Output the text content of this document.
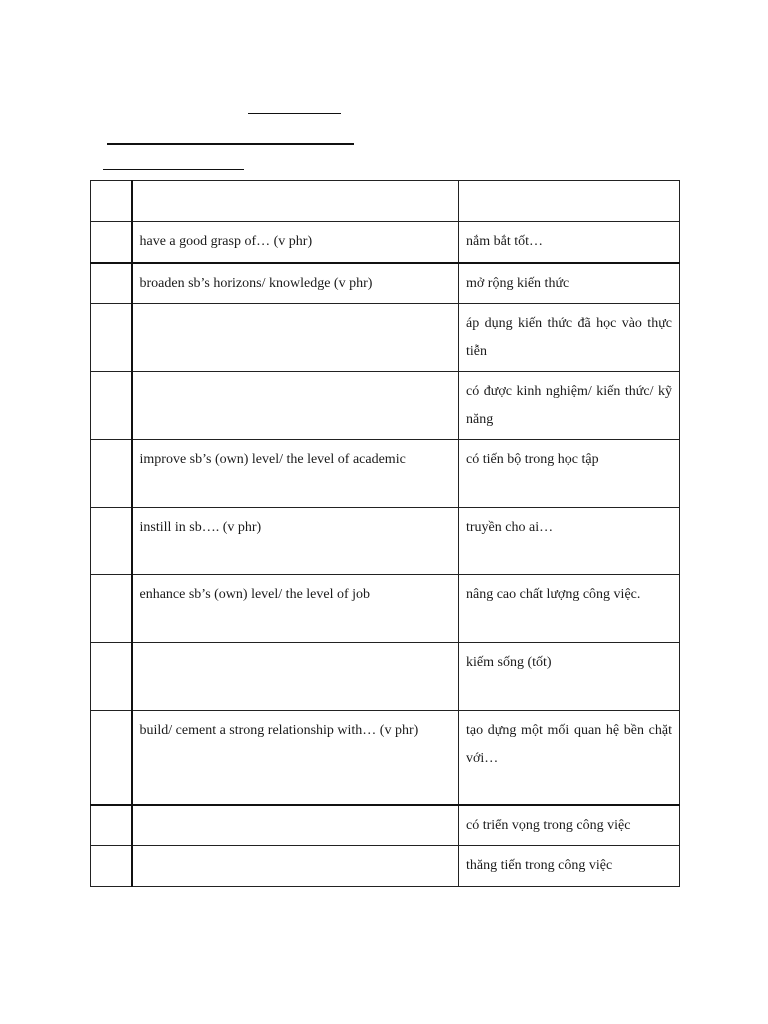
	have a good grasp of… (v phr)	nắm bắt tốt…
	broaden sb’s horizons/ knowledge (v phr)	mở rộng kiến thức
		áp dụng kiến thức đã học vào thực tiễn
		có được kinh nghiệm/ kiến thức/ kỹ năng
	improve sb’s (own) level/ the level of academic	có tiến bộ trong học tập
	instill in sb…. (v phr)	truyền cho ai…
	enhance sb’s (own) level/ the level of job	nâng cao chất lượng công việc.
		kiếm sống (tốt)
	build/ cement a strong relationship with… (v phr)	tạo dựng một mối quan hệ bền chặt với…
		có triển vọng trong công việc
		thăng tiến trong công việc
